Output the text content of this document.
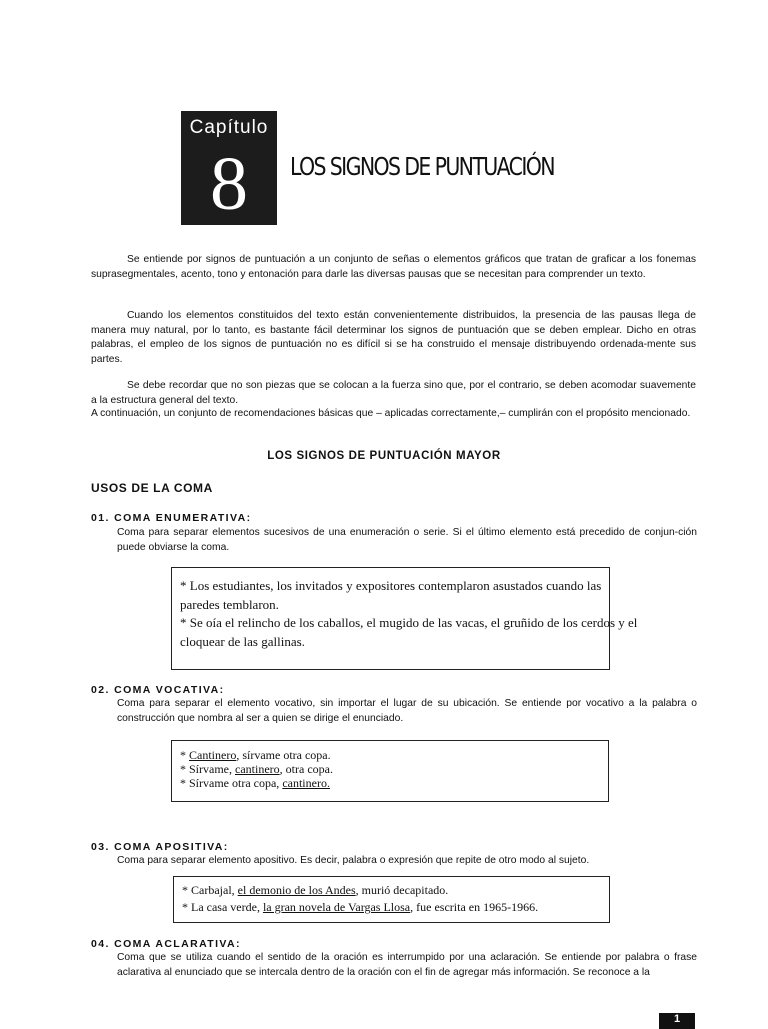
Capítulo
8	LOS SIGNOS DE PUNTUACIÓN

Se entiende por signos de puntuación a un conjunto de señas o elementos gráficos que tratan de graficar a los fonemas suprasegmentales, acento, tono y entonación para darle las diversas pausas que se necesitan para comprender un texto.

Cuando los elementos constituidos del texto están convenientemente distribuidos, la presencia de las pausas llega de manera muy natural, por lo tanto, es bastante fácil determinar los signos de puntuación que se deben emplear. Dicho en otras palabras, el empleo de los signos de puntuación no es difícil si se ha construido el mensaje distribuyendo ordenada-mente sus partes.

Se debe recordar que no son piezas que se colocan a la fuerza sino que, por el contrario, se deben acomodar suavemente a la estructura general del texto.

A continuación, un conjunto de recomendaciones básicas que – aplicadas correctamente,– cumplirán con el propósito mencionado.

LOS SIGNOS DE PUNTUACIÓN MAYOR
USOS DE LA COMA
01. COMA ENUMERATIVA:

Coma para separar elementos sucesivos de una enumeración o serie. Si el último elemento está precedido de conjun-ción puede obviarse la coma.

* Los estudiantes, los invitados y expositores contemplaron asustados cuando las
paredes temblaron.
* Se oía el relincho de los caballos, el mugido de las vacas, el gruñido de los cerdos y el
cloquear de las gallinas.
02. COMA VOCATIVA:

Coma para separar el elemento vocativo, sin importar el lugar de su ubicación. Se entiende por vocativo a la palabra o construcción que nombra al ser a quien se dirige el enunciado.

* Cantinero, sírvame otra copa.
* Sírvame, cantinero, otra copa.
* Sírvame otra copa, cantinero.
03. COMA APOSITIVA:

Coma para separar elemento apositivo. Es decir, palabra o expresión que repite de otro modo al sujeto.

* Carbajal, el demonio de los Andes, murió decapitado.
* La casa verde, la gran novela de Vargas Llosa, fue escrita en 1965-1966.
04. COMA ACLARATIVA:

Coma que se utiliza cuando el sentido de la oración es interrumpido por una aclaración. Se entiende por palabra o frase aclarativa al enunciado que se intercala dentro de la oración con el fin de agregar más información. Se reconoce a la

1
